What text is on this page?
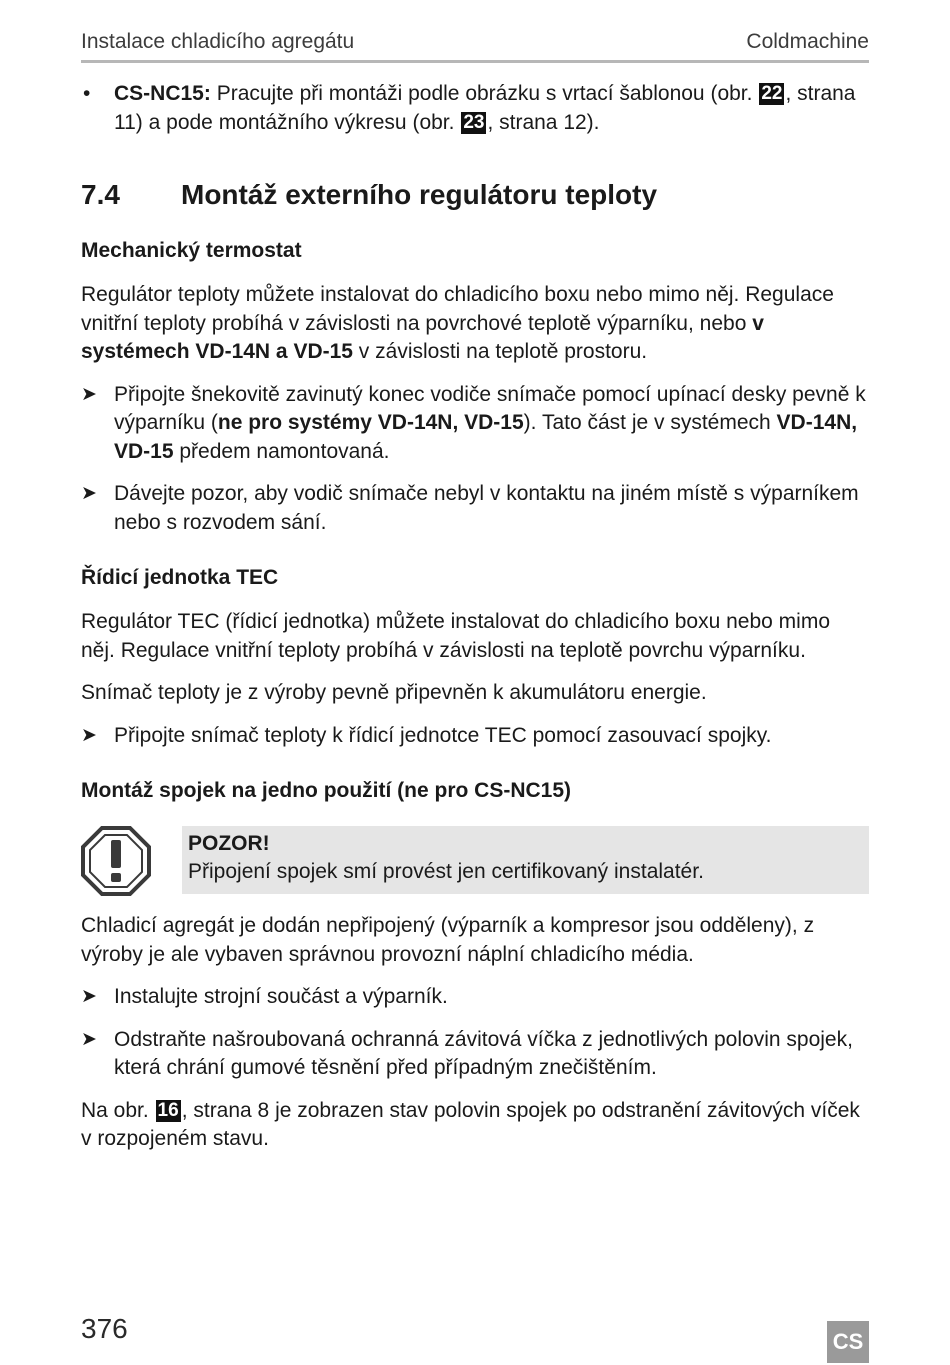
Instalace chladicího agregátu	Coldmachine

• CS-NC15: Pracujte při montáži podle obrázku s vrtací šablonou (obr. 22 , strana 11) a pode montážního výkresu (obr. 23 , strana 12).

7.4 Montáž externího regulátoru teploty
Mechanický termostat

Regulátor teploty můžete instalovat do chladicího boxu nebo mimo něj. Regulace vnitřní teploty probíhá v závislosti na povrchové teplotě výparníku, nebo v systémech VD-14N a VD-15 v závislosti na teplotě prostoru.

➤ Připojte šnekovitě zavinutý konec vodiče snímače pomocí upínací desky pevně k výparníku (ne pro systémy VD-14N, VD-15). Tato část je v systémech VD-14N, VD-15 předem namontovaná.

➤ Dávejte pozor, aby vodič snímače nebyl v kontaktu na jiném místě s výparníkem nebo s rozvodem sání.

Řídicí jednotka TEC

Regulátor TEC (řídicí jednotka) můžete instalovat do chladicího boxu nebo mimo něj. Regulace vnitřní teploty probíhá v závislosti na teplotě povrchu výparníku.

Snímač teploty je z výroby pevně připevněn k akumulátoru energie.

➤ Připojte snímač teploty k řídicí jednotce TEC pomocí zasouvací spojky.

Montáž spojek na jedno použití (ne pro CS-NC15)
POZOR!
Připojení spojek smí provést jen certifikovaný instalatér.

Chladicí agregát je dodán nepřipojený (výparník a kompresor jsou odděleny), z výroby je ale vybaven správnou provozní náplní chladicího média.

➤ Instalujte strojní součást a výparník.

➤ Odstraňte našroubovaná ochranná závitová víčka z jednotlivých polovin spojek, která chrání gumové těsnění před případným znečištěním.

Na obr. 16 , strana 8 je zobrazen stav polovin spojek po odstranění závitových víček v rozpojeném stavu.

376	CS
